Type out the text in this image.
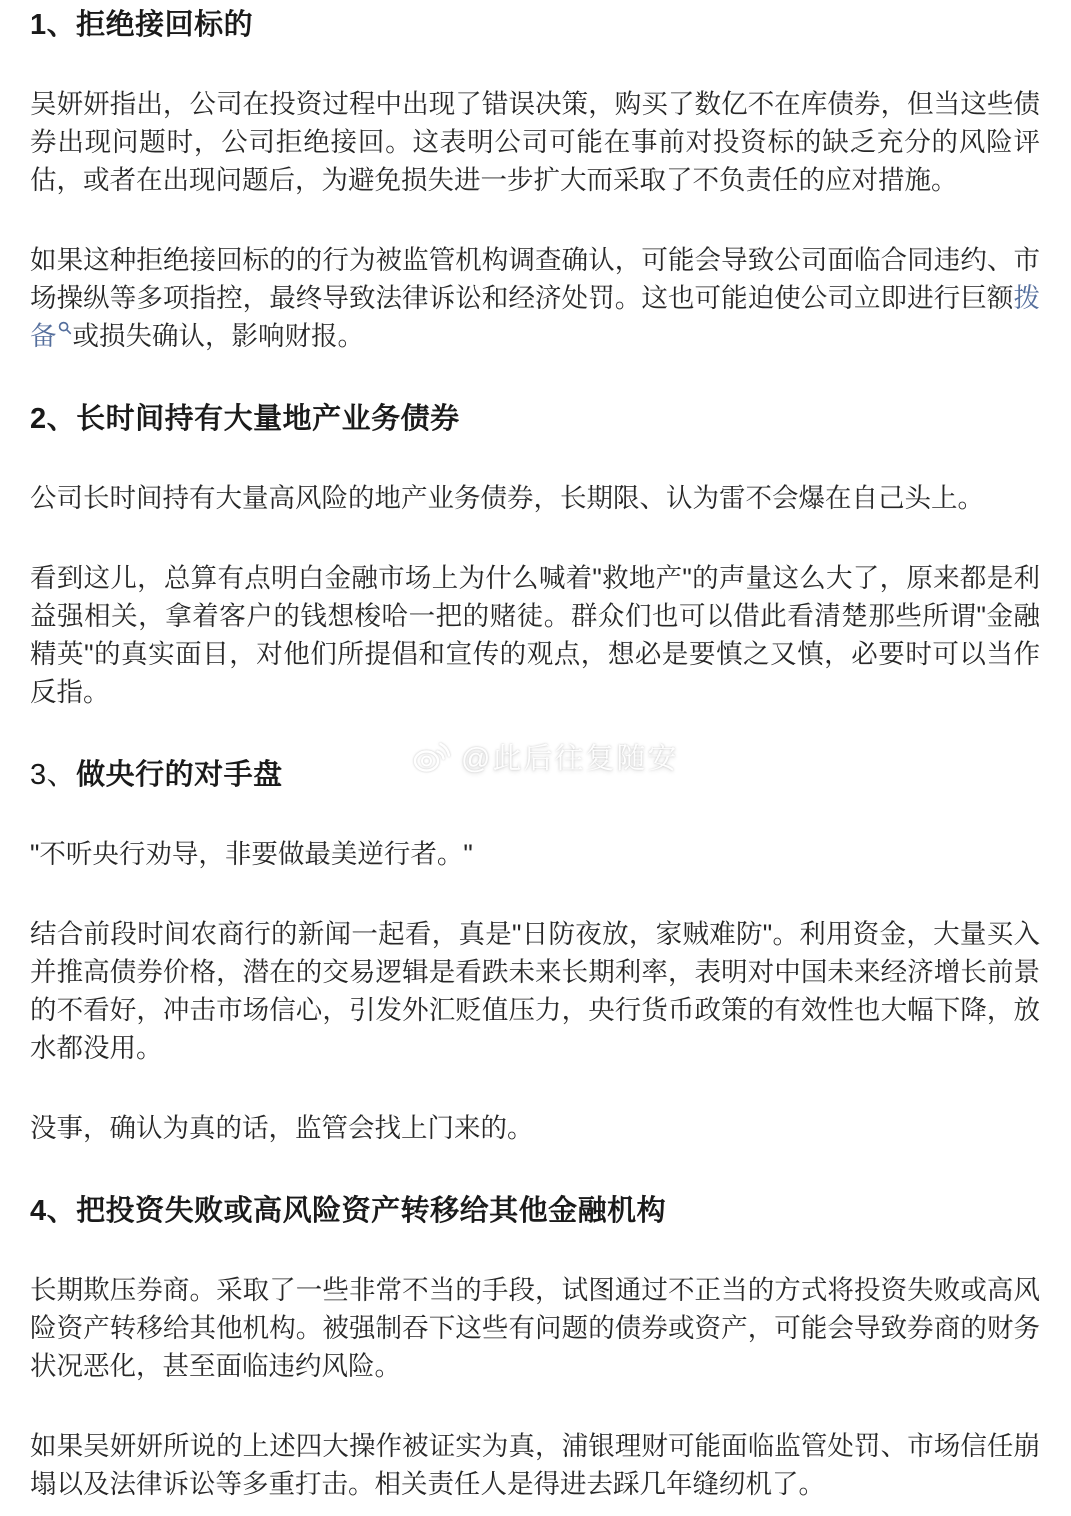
@此后往复随安
1、拒绝接回标的

吴妍妍指出，公司在投资过程中出现了错误决策，购买了数亿不在库债券，但当这些债券出现问题时，公司拒绝接回。这表明公司可能在事前对投资标的缺乏充分的风险评估，或者在出现问题后，为避免损失进一步扩大而采取了不负责任的应对措施。

如果这种拒绝接回标的的行为被监管机构调查确认，可能会导致公司面临合同违约、市场操纵等多项指控，最终导致法律诉讼和经济处罚。这也可能迫使公司立即进行巨额拨备 或损失确认，影响财报。

2、长时间持有大量地产业务债券

公司长时间持有大量高风险的地产业务债券，长期限、认为雷不会爆在自己头上。

看到这儿，总算有点明白金融市场上为什么喊着"救地产"的声量这么大了，原来都是利益强相关，拿着客户的钱想梭哈一把的赌徒。群众们也可以借此看清楚那些所谓"金融精英"的真实面目，对他们所提倡和宣传的观点，想必是要慎之又慎，必要时可以当作反指。

3、做央行的对手盘

"不听央行劝导，非要做最美逆行者。"

结合前段时间农商行的新闻一起看，真是"日防夜放，家贼难防"。利用资金，大量买入并推高债券价格，潜在的交易逻辑是看跌未来长期利率，表明对中国未来经济增长前景的不看好，冲击市场信心，引发外汇贬值压力，央行货币政策的有效性也大幅下降，放水都没用。

没事，确认为真的话，监管会找上门来的。

4、把投资失败或高风险资产转移给其他金融机构

长期欺压券商。采取了一些非常不当的手段，试图通过不正当的方式将投资失败或高风险资产转移给其他机构。被强制吞下这些有问题的债券或资产，可能会导致券商的财务状况恶化，甚至面临违约风险。

如果吴妍妍所说的上述四大操作被证实为真，浦银理财可能面临监管处罚、市场信任崩塌以及法律诉讼等多重打击。相关责任人是得进去踩几年缝纫机了。
